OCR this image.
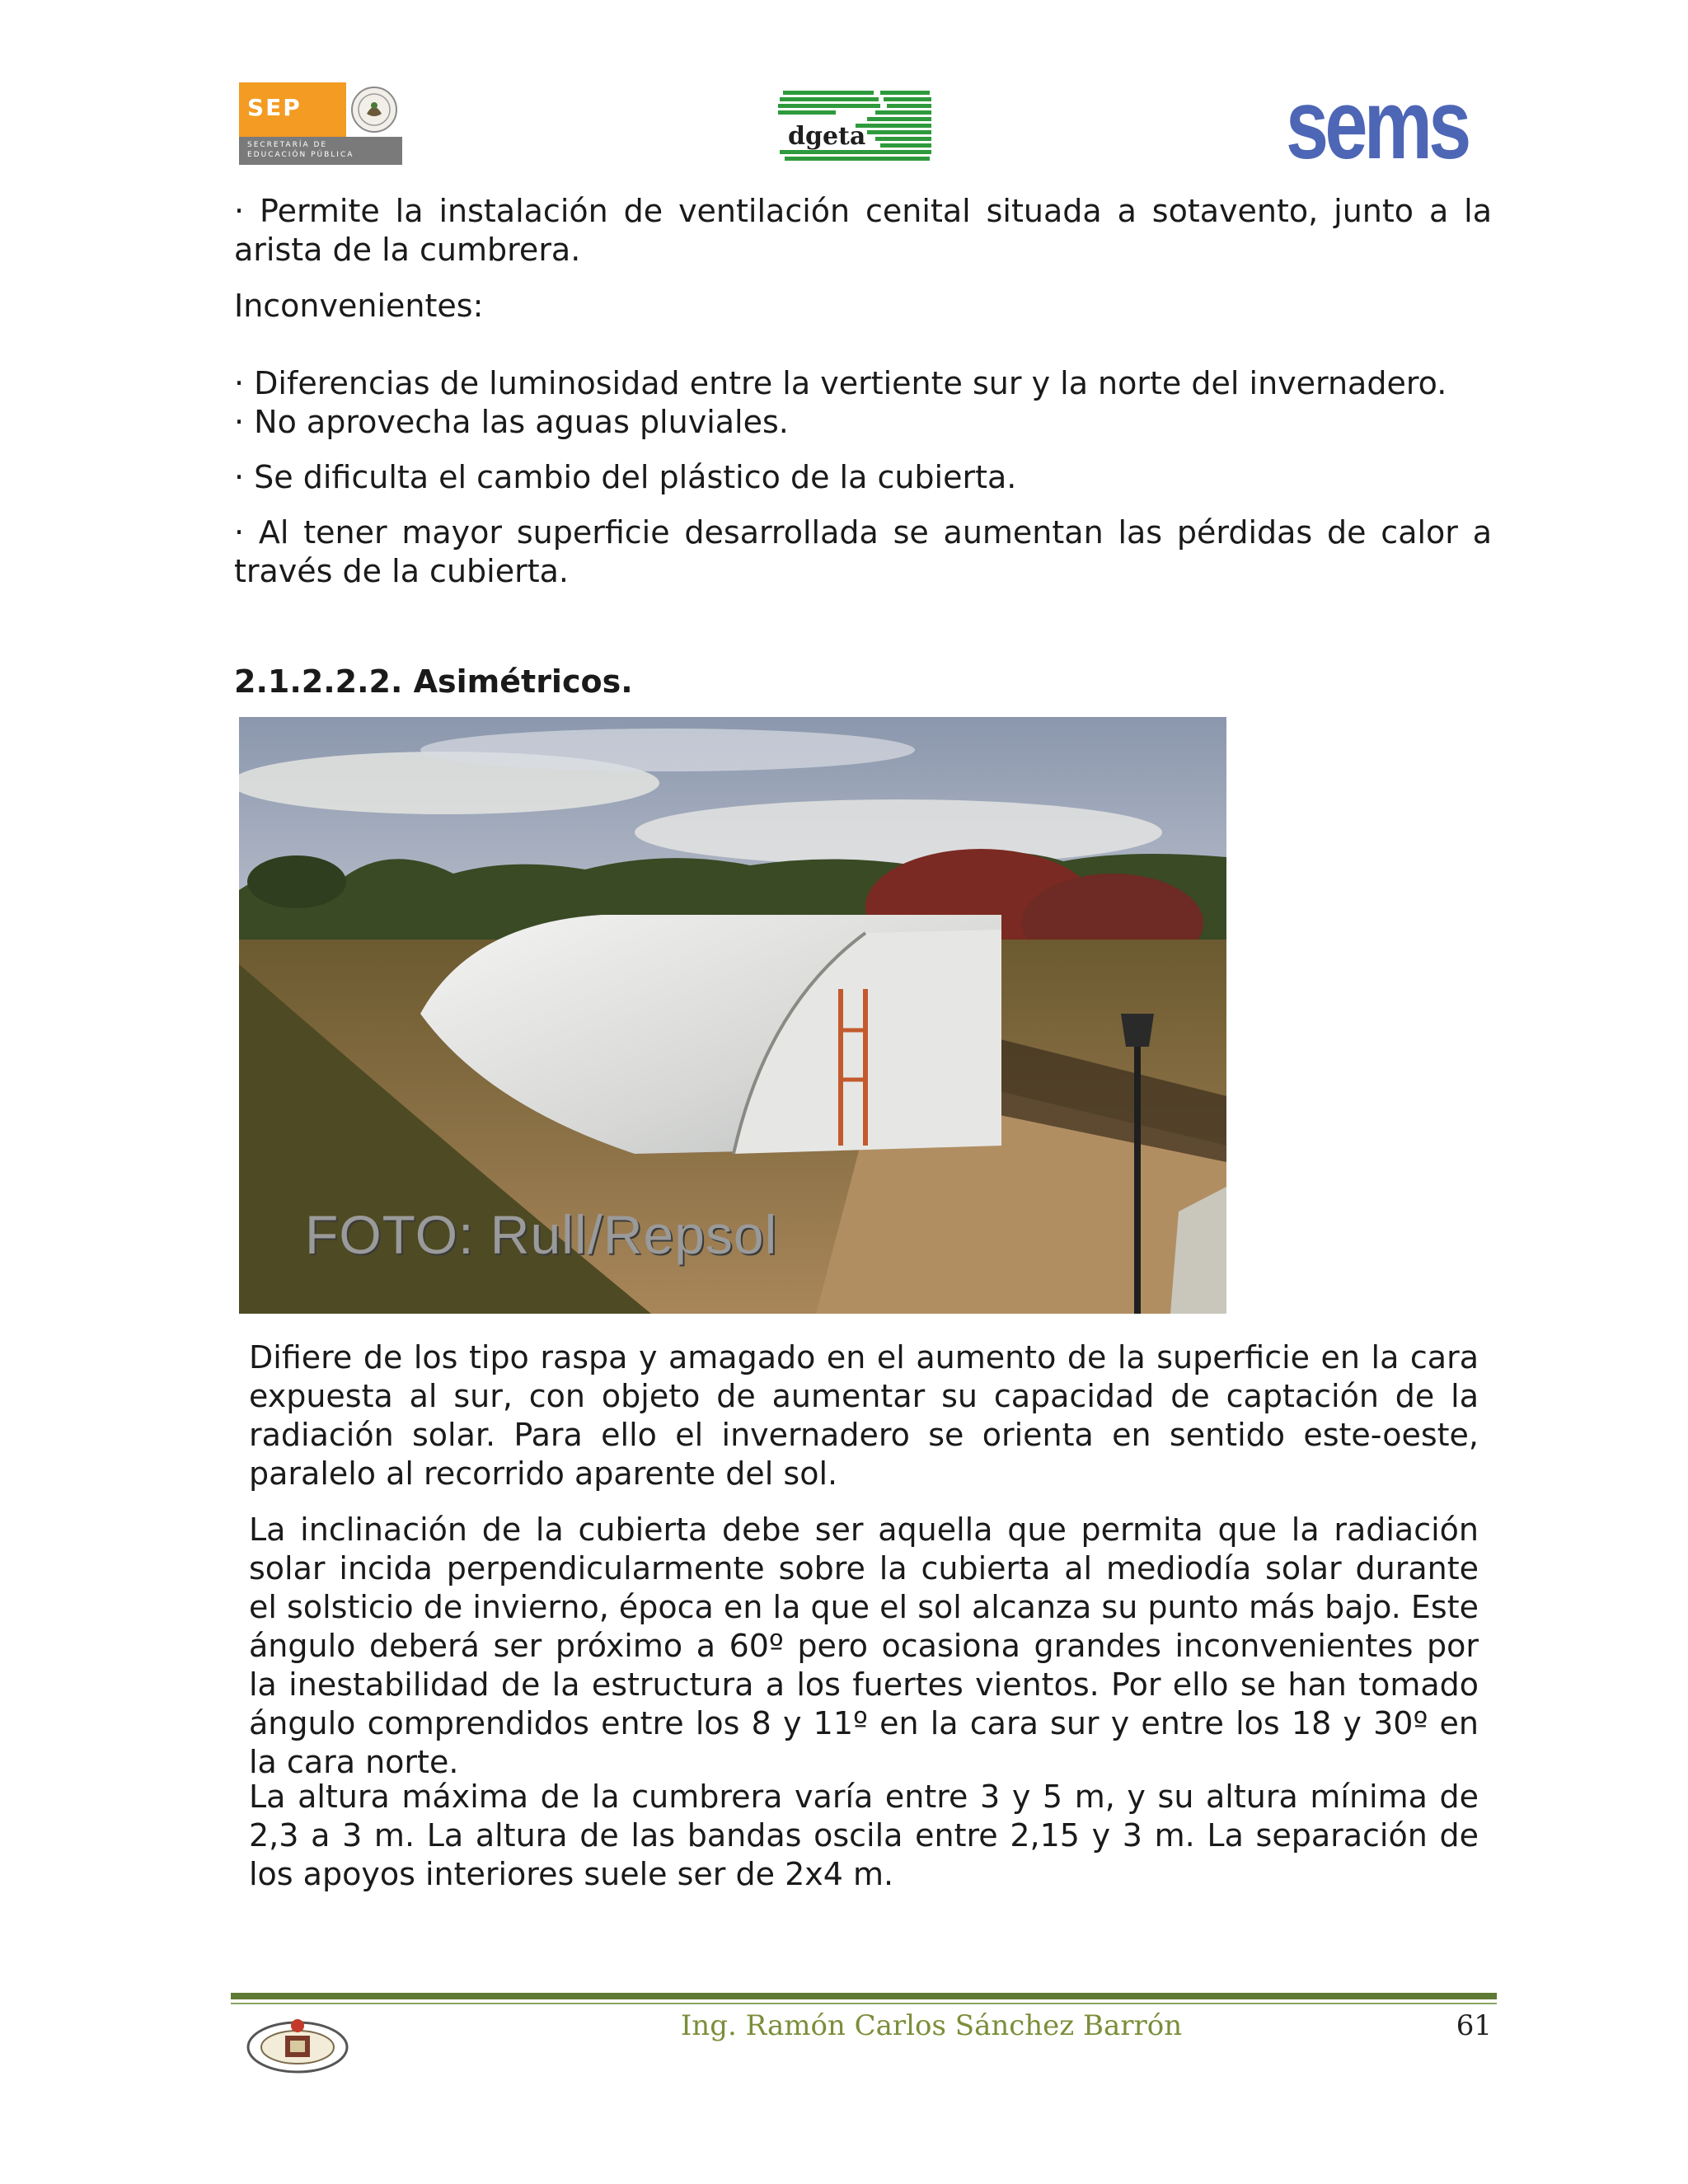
SEP
SECRETARÍA DE
EDUCACIÓN PÚBLICA
dgeta	sems

· Permite la instalación de ventilación cenital situada a sotavento, junto a la arista de la cumbrera.

Inconvenientes:

· Diferencias de luminosidad entre la vertiente sur y la norte del invernadero.

· No aprovecha las aguas pluviales.

· Se dificulta el cambio del plástico de la cubierta.

· Al tener mayor superficie desarrollada se aumentan las pérdidas de calor a través de la cubierta.

2.1.2.2.2. Asimétricos.

FOTO: Rull/Repsol

Difiere de los tipo raspa y amagado en el aumento de la superficie en la cara expuesta al sur, con objeto de aumentar su capacidad de captación de la radiación solar. Para ello el invernadero se orienta en sentido este-oeste, paralelo al recorrido aparente del sol.

La inclinación de la cubierta debe ser aquella que permita que la radiación solar incida perpendicularmente sobre la cubierta al mediodía solar durante el solsticio de invierno, época en la que el sol alcanza su punto más bajo. Este ángulo deberá ser próximo a 60º pero ocasiona grandes inconvenientes por la inestabilidad de la estructura a los fuertes vientos. Por ello se han tomado ángulo comprendidos entre los 8 y 11º en la cara sur y entre los 18 y 30º en la cara norte.

La altura máxima de la cumbrera varía entre 3 y 5 m, y su altura mínima de 2,3 a 3 m. La altura de las bandas oscila entre 2,15 y 3 m. La separación de los apoyos interiores suele ser de 2x4 m.

Ing. Ramón Carlos Sánchez Barrón	61
